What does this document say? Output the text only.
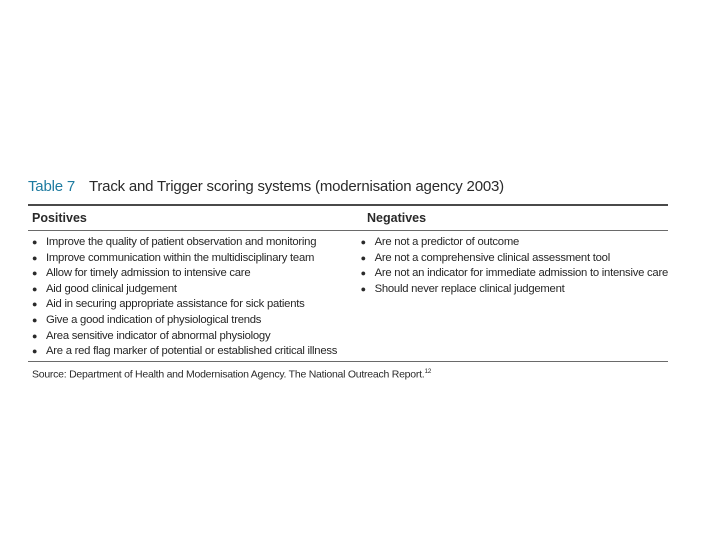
Table 7 Track and Trigger scoring systems (modernisation agency 2003)
Positives	Negatives
● Improve the quality of patient observation and monitoring
● Improve communication within the multidisciplinary team
● Allow for timely admission to intensive care
● Aid good clinical judgement
● Aid in securing appropriate assistance for sick patients
● Give a good indication of physiological trends
● Area sensitive indicator of abnormal physiology
● Are a red flag marker of potential or established critical illness
● Are not a predictor of outcome
● Are not a comprehensive clinical assessment tool
● Are not an indicator for immediate admission to intensive care
● Should never replace clinical judgement
Source: Department of Health and Modernisation Agency. The National Outreach Report.$^{12}$
